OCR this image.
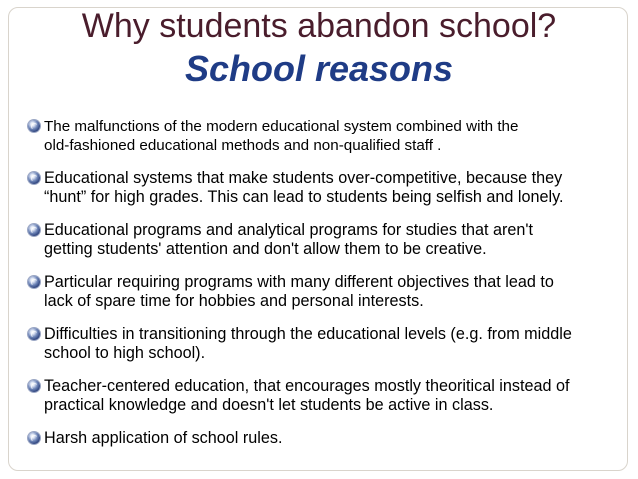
Why students abandon school?
School reasons
The malfunctions of the modern educational system combined with the
old-fashioned educational methods and non-qualified staff .
Educational systems that make students over-competitive, because they
“hunt” for high grades. This can lead to students being selfish and lonely.
Educational programs and analytical programs for studies that aren't
getting students' attention and don't allow them to be creative.
Particular requiring programs with many different objectives that lead to
lack of spare time for hobbies and personal interests.
Difficulties in transitioning through the educational levels (e.g. from middle
school to high school).
Teacher-centered education, that encourages mostly theoritical instead of
practical knowledge and doesn't let students be active in class.
Harsh application of school rules.
